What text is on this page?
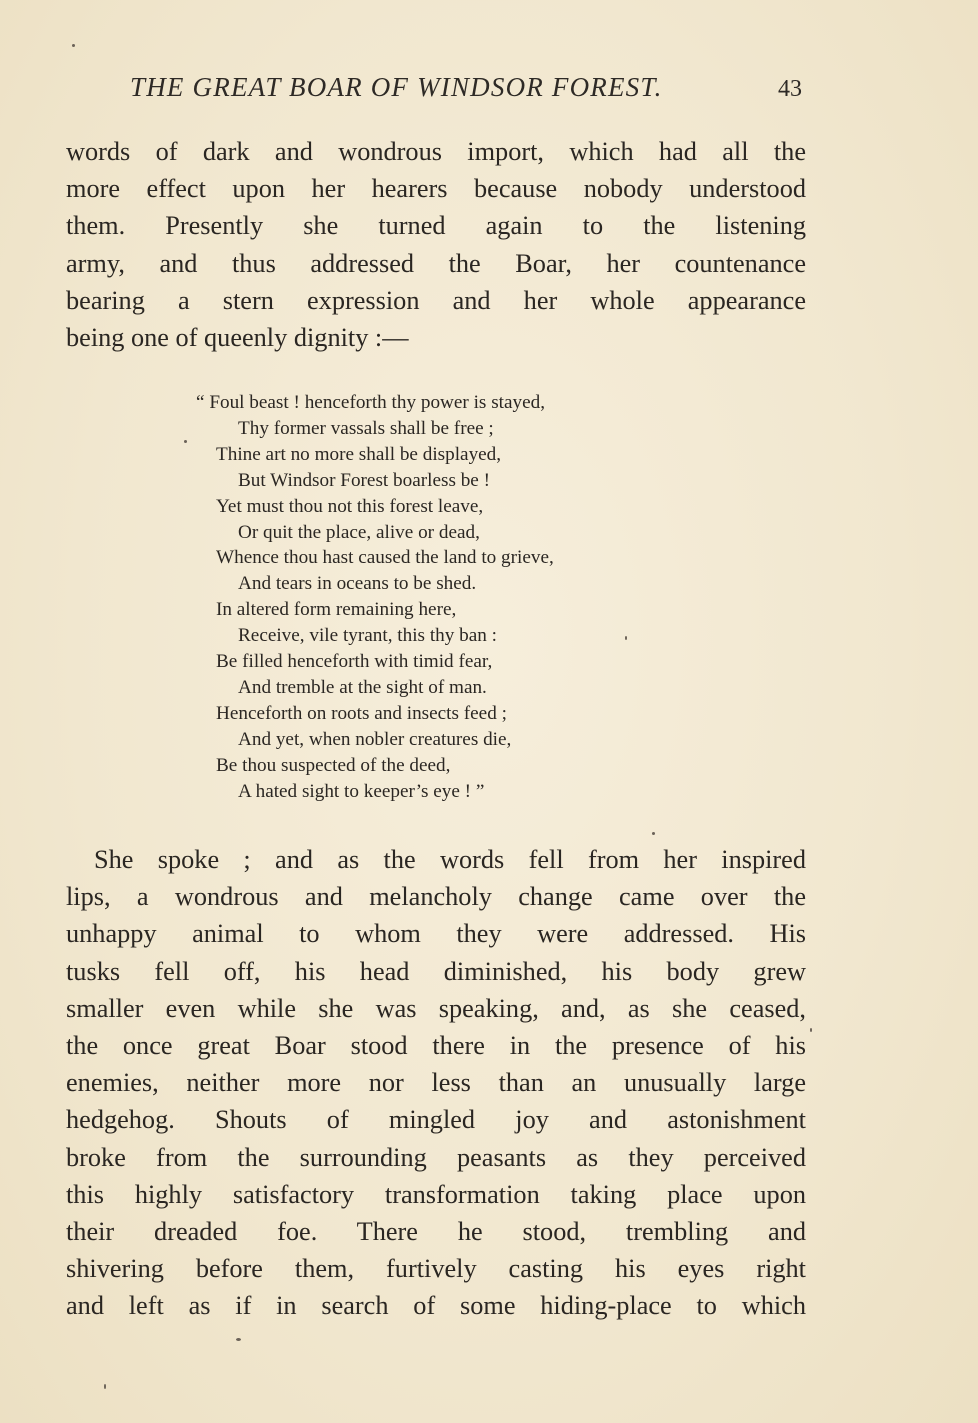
THE GREAT BOAR OF WINDSOR FOREST.	43
words of dark and wondrous import, which had all the
more effect upon her hearers because nobody understood
them. Presently she turned again to the listening
army, and thus addressed the Boar, her countenance
bearing a stern expression and her whole appearance
being one of queenly dignity :—
“ Foul beast ! henceforth thy power is stayed,
Thy former vassals shall be free ;
Thine art no more shall be displayed,
But Windsor Forest boarless be !
Yet must thou not this forest leave,
Or quit the place, alive or dead,
Whence thou hast caused the land to grieve,
And tears in oceans to be shed.
In altered form remaining here,
Receive, vile tyrant, this thy ban :
Be filled henceforth with timid fear,
And tremble at the sight of man.
Henceforth on roots and insects feed ;
And yet, when nobler creatures die,
Be thou suspected of the deed,
A hated sight to keeper’s eye ! ”
She spoke ; and as the words fell from her inspired
lips, a wondrous and melancholy change came over the
unhappy animal to whom they were addressed. His
tusks fell off, his head diminished, his body grew
smaller even while she was speaking, and, as she ceased,
the once great Boar stood there in the presence of his
enemies, neither more nor less than an unusually large
hedgehog. Shouts of mingled joy and astonishment
broke from the surrounding peasants as they perceived
this highly satisfactory transformation taking place upon
their dreaded foe. There he stood, trembling and
shivering before them, furtively casting his eyes right
and left as if in search of some hiding-place to which
